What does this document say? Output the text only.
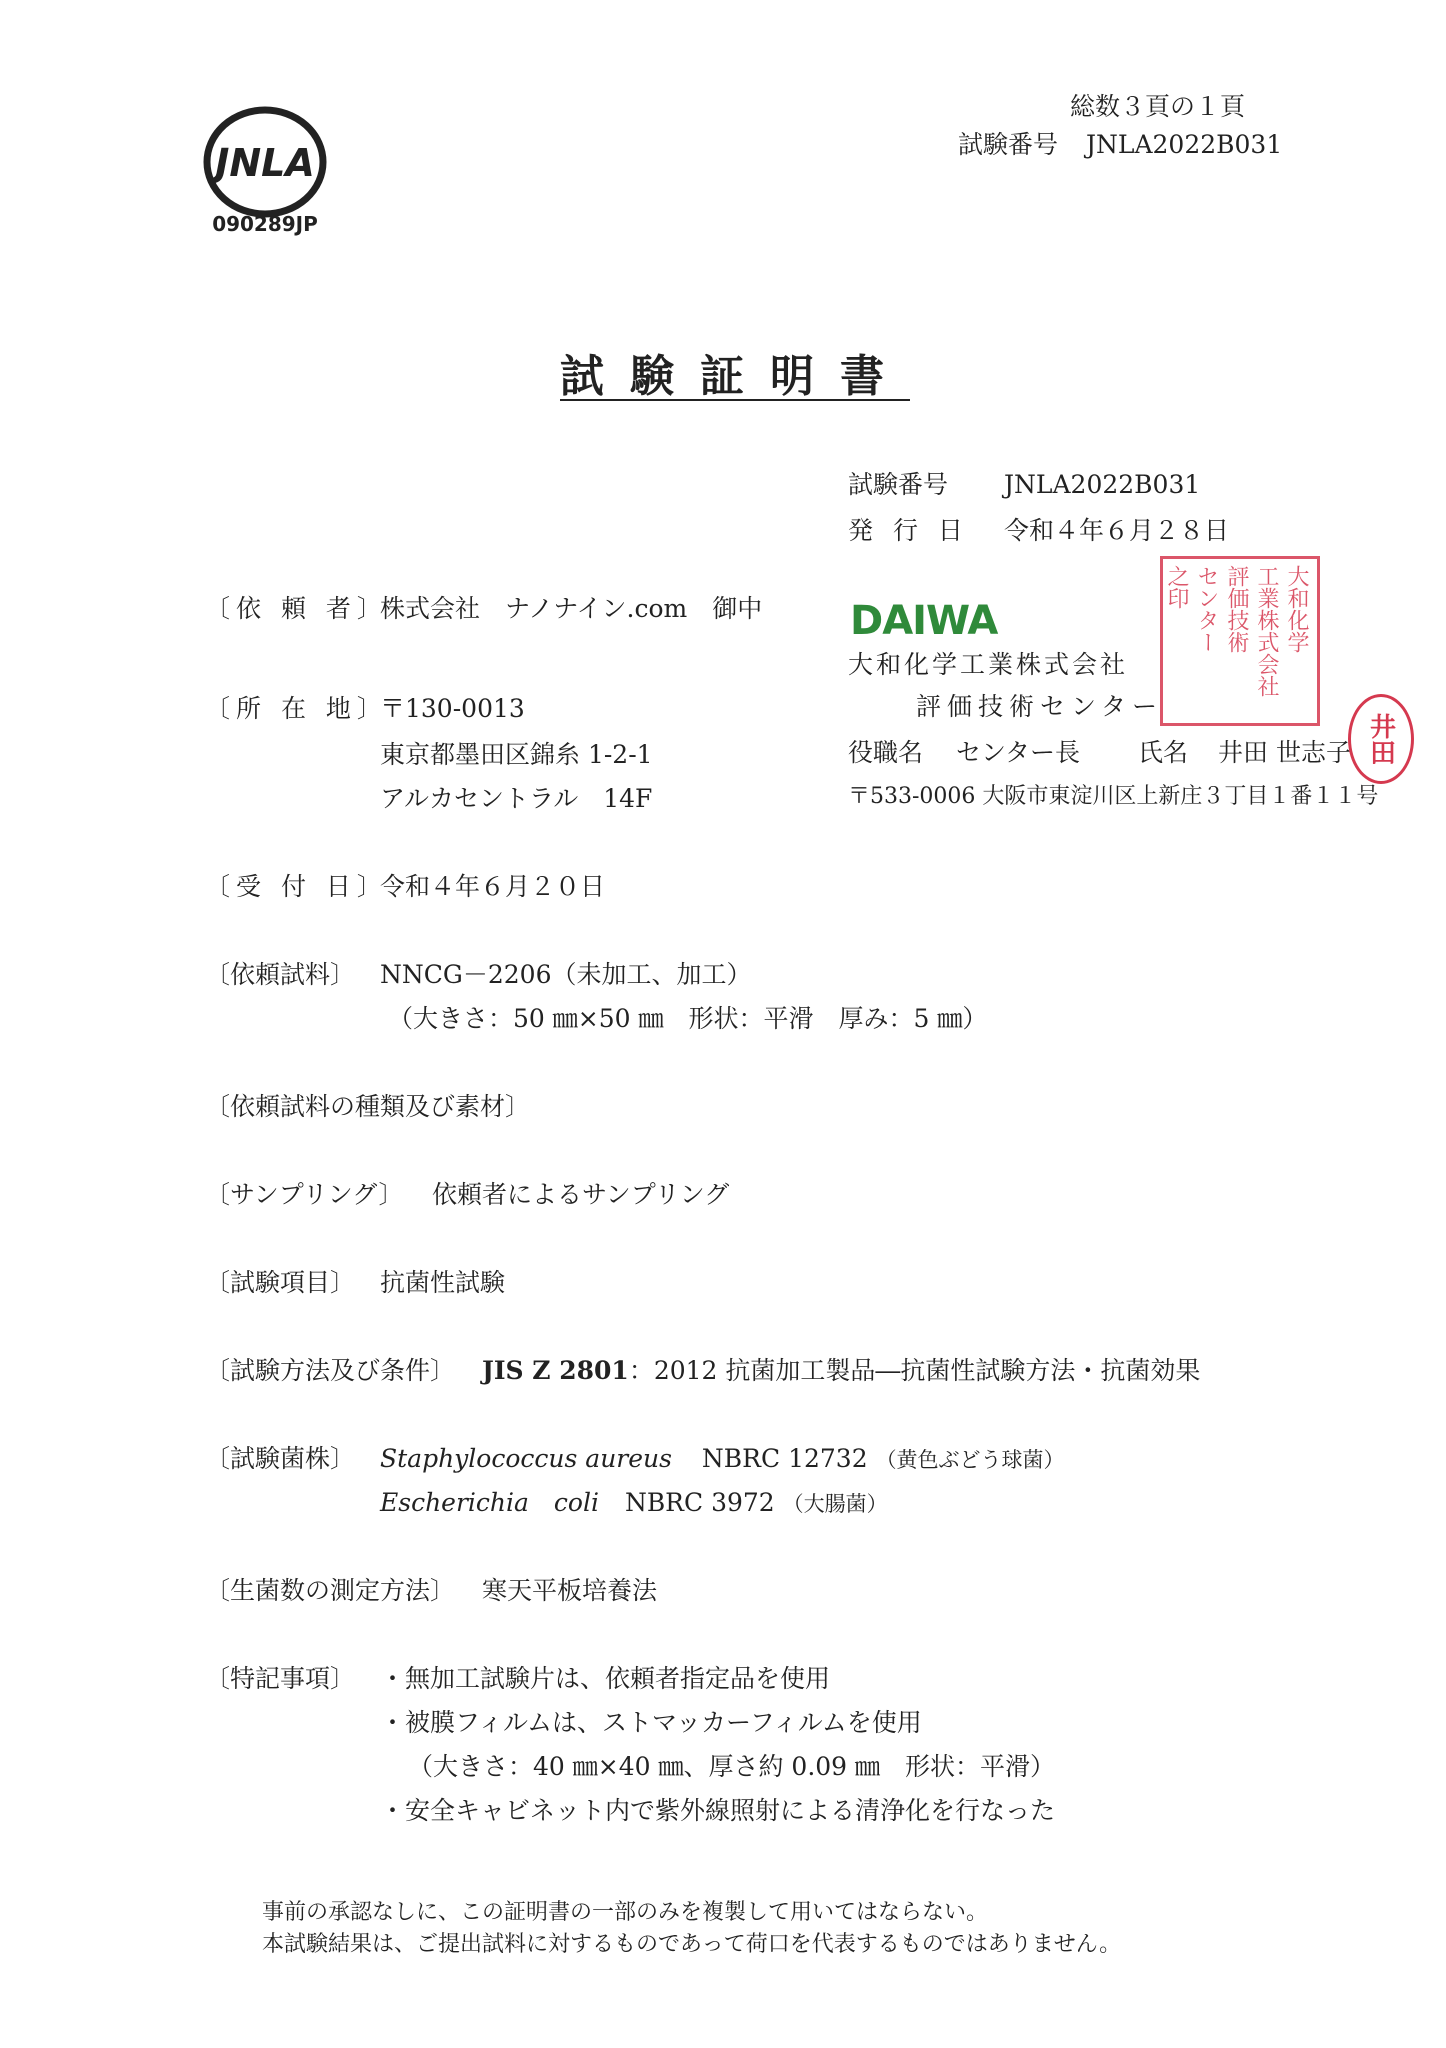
JNLA
090289JP
総数３頁の１頁
試験番号 JNLA2022B031
試験証明書
試験番号 JNLA2022B031
発 行 日 令和４年６月２８日
DAIWA
大和化学工業株式会社
評価技術センター
役職名 センター長 氏名 井田 世志子
〒533-0006 大阪市東淀川区上新庄３丁目１番１１号
大和化学
工業株式会社
評価技術
センター
之印
井田
〔依 頼 者〕
株式会社　ナノナイン.com　御中
〔所 在 地〕
〒130-0013
東京都墨田区錦糸 1-2-1
アルカセントラル　14F
〔受 付 日〕
令和４年６月２０日
〔依頼試料〕 NNCG－2206（未加工、加工）
（大きさ：50 ㎜×50 ㎜　形状：平滑　厚み：5 ㎜）
〔依頼試料の種類及び素材〕
〔サンプリング〕 依頼者によるサンプリング
〔試験項目〕 抗菌性試験
〔試験方法及び条件〕 JIS Z 2801：2012 抗菌加工製品―抗菌性試験方法・抗菌効果
〔試験菌株〕 Staphylococcus aureus NBRC 12732 （黄色ぶどう球菌）
Escherichia　coli NBRC 3972 （大腸菌）
〔生菌数の測定方法〕 寒天平板培養法
〔特記事項〕 ・無加工試験片は、依頼者指定品を使用
・被膜フィルムは、ストマッカーフィルムを使用
（大きさ：40 ㎜×40 ㎜、厚さ約 0.09 ㎜　形状：平滑）
・安全キャビネット内で紫外線照射による清浄化を行なった
事前の承認なしに、この証明書の一部のみを複製して用いてはならない。
本試験結果は、ご提出試料に対するものであって荷口を代表するものではありません。
